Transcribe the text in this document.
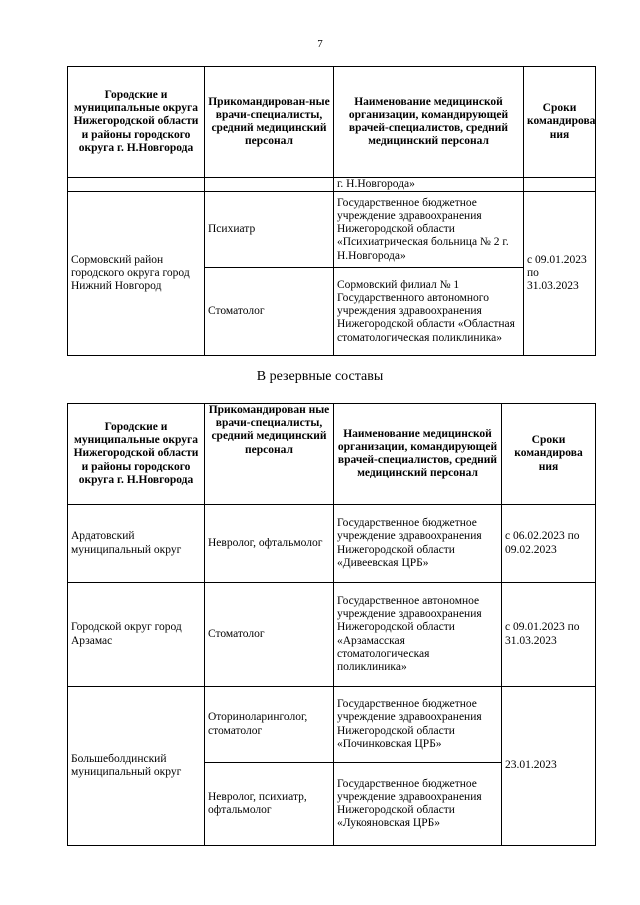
7
Городские и муниципальные округа Нижегородской области и районы городского округа г. Н.Новгорода	Прикомандирован-ные врачи-специалисты, средний медицинский персонал	Наименование медицинской организации, командирующей врачей-специалистов, средний медицинский персонал	Сроки командирова ния
		г. Н.Новгорода»	
Сормовский район городского округа город Нижний Новгород	Психиатр	Государственное бюджетное учреждение здравоохранения Нижегородской области «Психиатрическая больница № 2 г. Н.Новгорода»	с 09.01.2023 по 31.03.2023
	Стоматолог	Сормовский филиал № 1 Государственного автономного учреждения здравоохранения Нижегородской области «Областная стоматологическая поликлиника»	
В резервные составы
Городские и муниципальные округа Нижегородской области и районы городского округа г. Н.Новгорода	Прикомандирован ные врачи-специалисты, средний медицинский персонал	Наименование медицинской организации, командирующей врачей-специалистов, средний медицинский персонал	Сроки командирова ния
Ардатовский муниципальный округ	Невролог, офтальмолог	Государственное бюджетное учреждение здравоохранения Нижегородской области «Дивеевская ЦРБ»	с 06.02.2023 по 09.02.2023
Городской округ город Арзамас	Стоматолог	Государственное автономное учреждение здравоохранения Нижегородской области «Арзамасская стоматологическая поликлиника»	с 09.01.2023 по 31.03.2023
Большеболдинский муниципальный округ	Оториноларинголог, стоматолог	Государственное бюджетное учреждение здравоохранения Нижегородской области «Починковская ЦРБ»	23.01.2023
	Невролог, психиатр, офтальмолог	Государственное бюджетное учреждение здравоохранения Нижегородской области «Лукояновская ЦРБ»	
